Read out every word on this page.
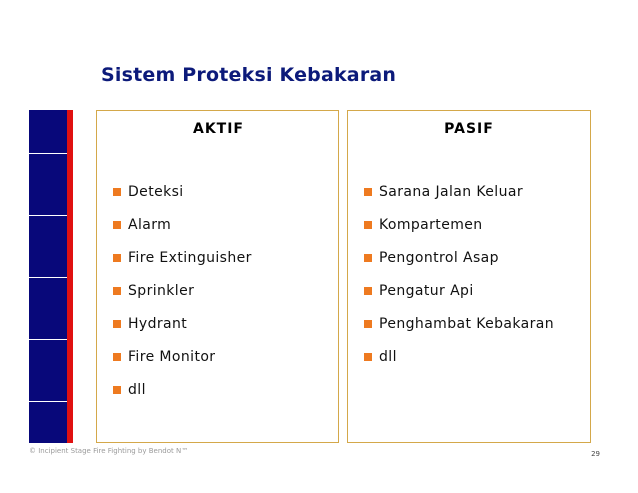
Sistem Proteksi Kebakaran
AKTIF
Deteksi
Alarm
Fire Extinguisher
Sprinkler
Hydrant
Fire Monitor
dll
PASIF
Sarana Jalan Keluar
Kompartemen
Pengontrol Asap
Pengatur Api
Penghambat Kebakaran
dll
© Incipient Stage Fire Fighting by Bendot N™	29
